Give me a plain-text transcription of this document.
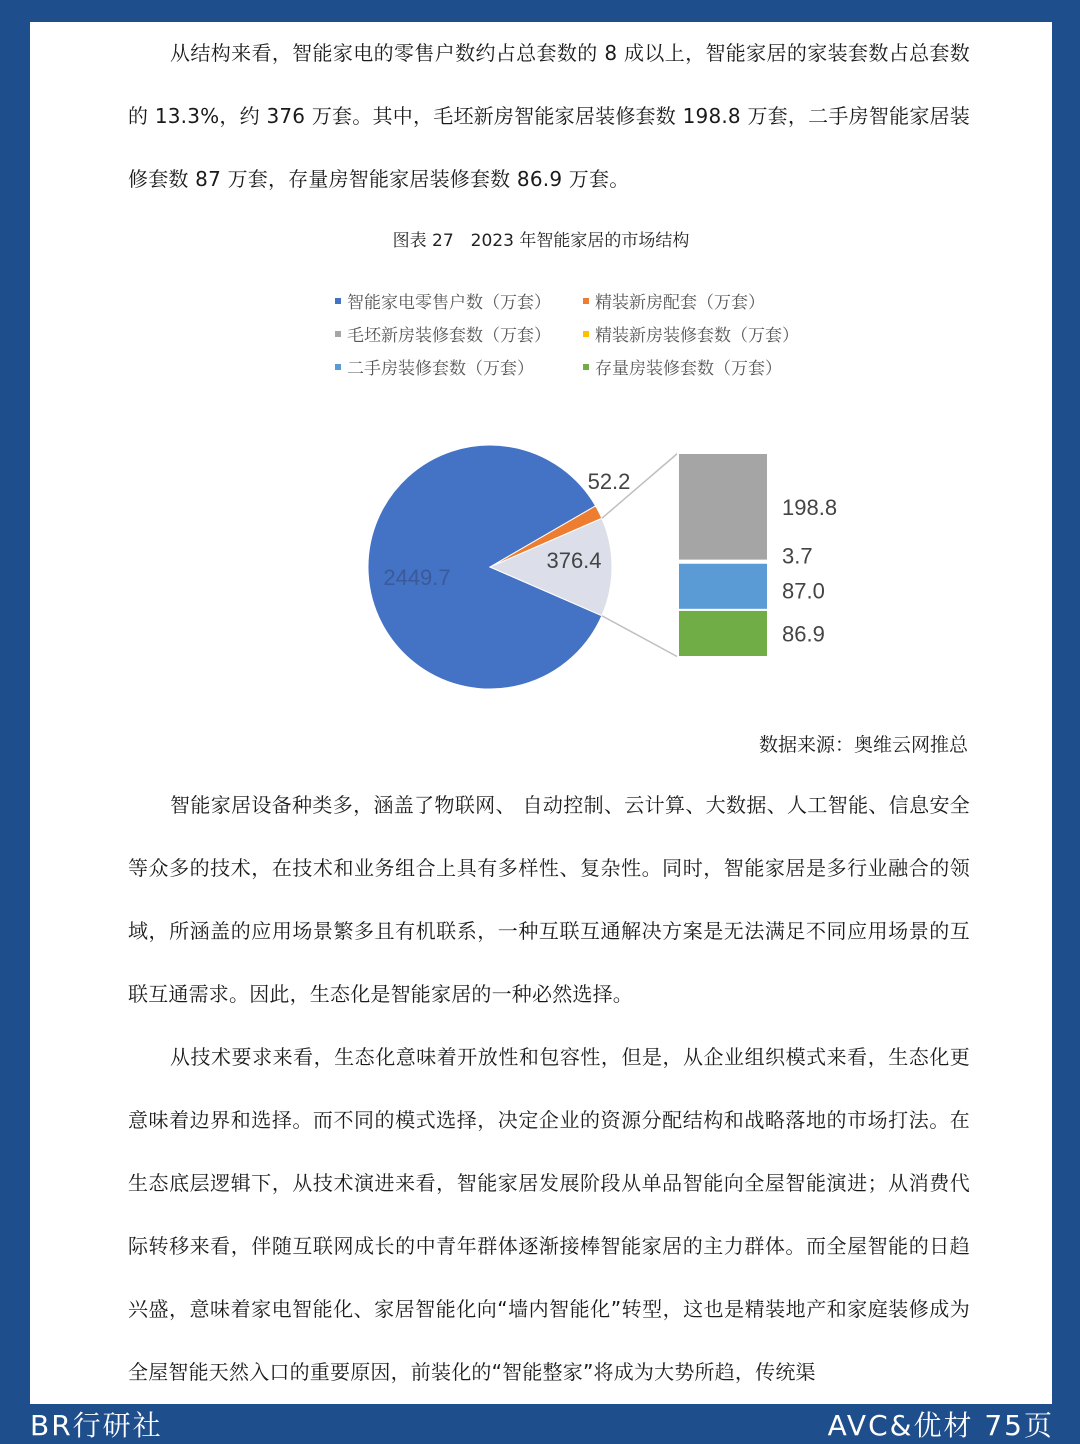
从结构来看，智能家电的零售户数约占总套数的 8 成以上，智能家居的家装套数占总套数的 13.3%，约 376 万套。其中，毛坯新房智能家居装修套数 198.8 万套，二手房智能家居装修套数 87 万套，存量房智能家居装修套数 86.9 万套。
图表 27　2023 年智能家居的市场结构
智能家电零售户数（万套）	精装新房配套（万套）
毛坯新房装修套数（万套）	精装新房装修套数（万套）
二手房装修套数（万套）	存量房装修套数（万套）
2449.7
52.2
376.4
198.8
3.7
87.0
86.9
数据来源：奥维云网推总
智能家居设备种类多，涵盖了物联网、 自动控制、云计算、大数据、人工智能、信息安全等众多的技术，在技术和业务组合上具有多样性、复杂性。同时，智能家居是多行业融合的领域，所涵盖的应用场景繁多且有机联系，一种互联互通解决方案是无法满足不同应用场景的互联互通需求。因此，生态化是智能家居的一种必然选择。
从技术要求来看，生态化意味着开放性和包容性，但是，从企业组织模式来看，生态化更意味着边界和选择。而不同的模式选择，决定企业的资源分配结构和战略落地的市场打法。在生态底层逻辑下，从技术演进来看，智能家居发展阶段从单品智能向全屋智能演进；从消费代际转移来看，伴随互联网成长的中青年群体逐渐接棒智能家居的主力群体。而全屋智能的日趋兴盛，意味着家电智能化、家居智能化向“墙内智能化”转型，这也是精装地产和家庭装修成为全屋智能天然入口的重要原因，前装化的“智能整家”将成为大势所趋，传统渠
BR行研社	AVC&优材 75页
